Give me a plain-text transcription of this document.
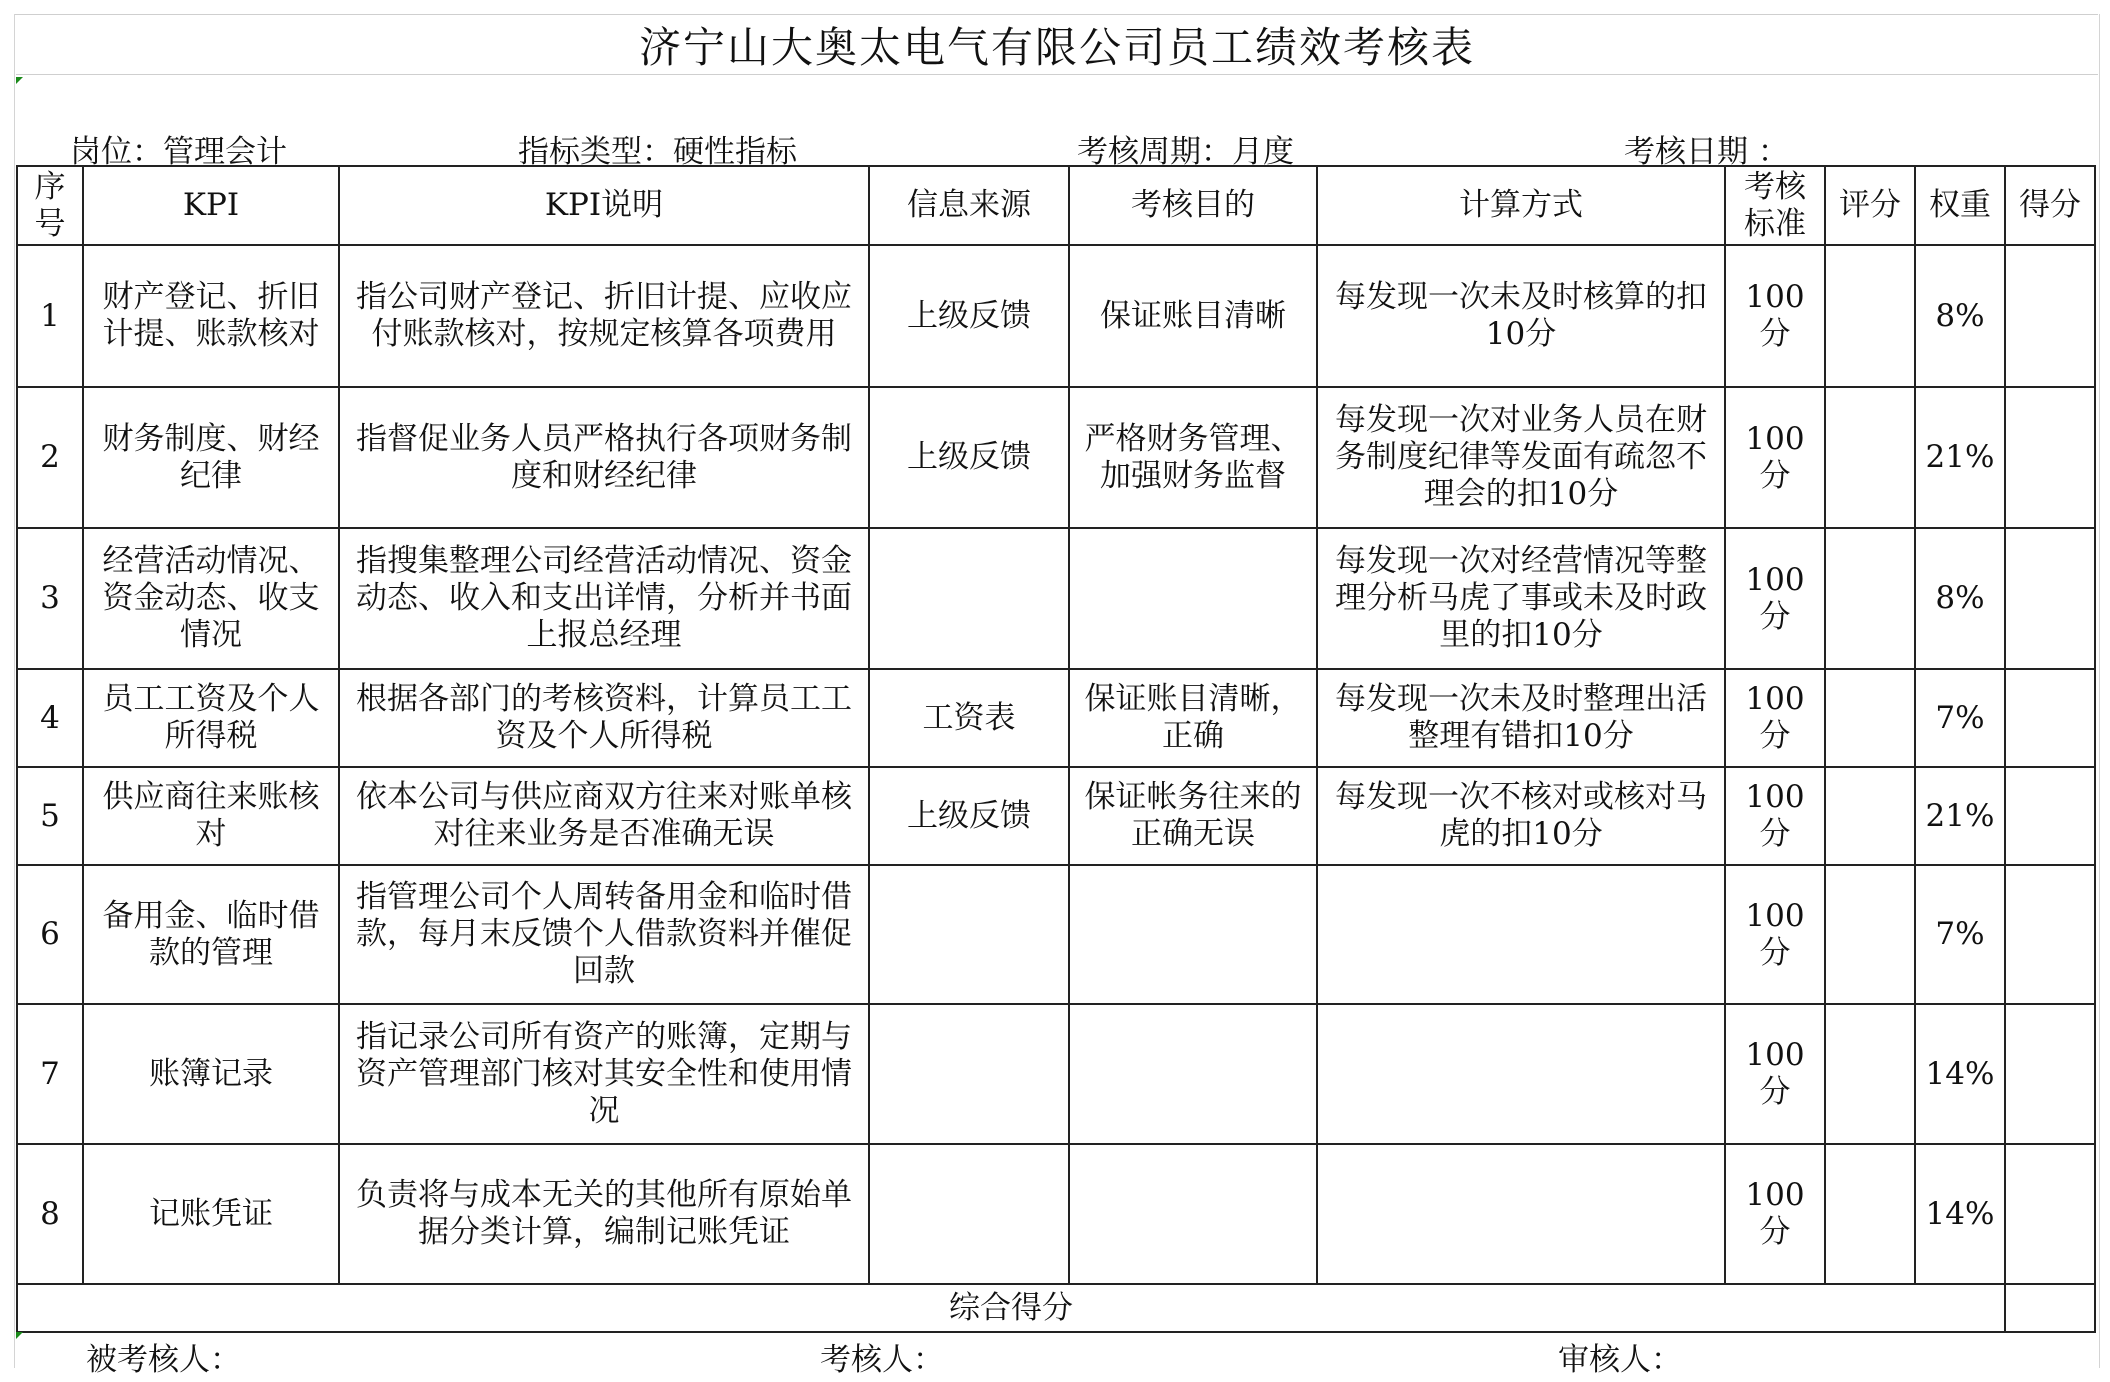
济宁山大奥太电气有限公司员工绩效考核表
岗位：管理会计	指标类型：硬性指标	考核周期：月度	考核日期 ：
序号	KPI	KPI说明	信息来源	考核目的	计算方式	考核标准	评分	权重	得分
1	财产登记、折旧计提、账款核对	指公司财产登记、折旧计提、应收应付账款核对，按规定核算各项费用	上级反馈	保证账目清晰	每发现一次未及时核算的扣10分	100分		8%	
2	财务制度、财经纪律	指督促业务人员严格执行各项财务制度和财经纪律	上级反馈	严格财务管理、加强财务监督	每发现一次对业务人员在财务制度纪律等发面有疏忽不理会的扣10分	100分		21%	
3	经营活动情况、资金动态、收支情况	指搜集整理公司经营活动情况、资金动态、收入和支出详情，分析并书面上报总经理			每发现一次对经营情况等整理分析马虎了事或未及时政里的扣10分	100分		8%	
4	员工工资及个人所得税	根据各部门的考核资料，计算员工工资及个人所得税	工资表	保证账目清晰，正确	每发现一次未及时整理出活整理有错扣10分	100分		7%	
5	供应商往来账核对	依本公司与供应商双方往来对账单核对往来业务是否准确无误	上级反馈	保证帐务往来的正确无误	每发现一次不核对或核对马虎的扣10分	100分		21%	
6	备用金、临时借款的管理	指管理公司个人周转备用金和临时借款，每月末反馈个人借款资料并催促回款				100分		7%	
7	账簿记录	指记录公司所有资产的账簿，定期与资产管理部门核对其安全性和使用情况				100分		14%	
8	记账凭证	负责将与成本无关的其他所有原始单据分类计算，编制记账凭证				100分		14%	
综合得分									
被考核人：	考核人：	审核人：
